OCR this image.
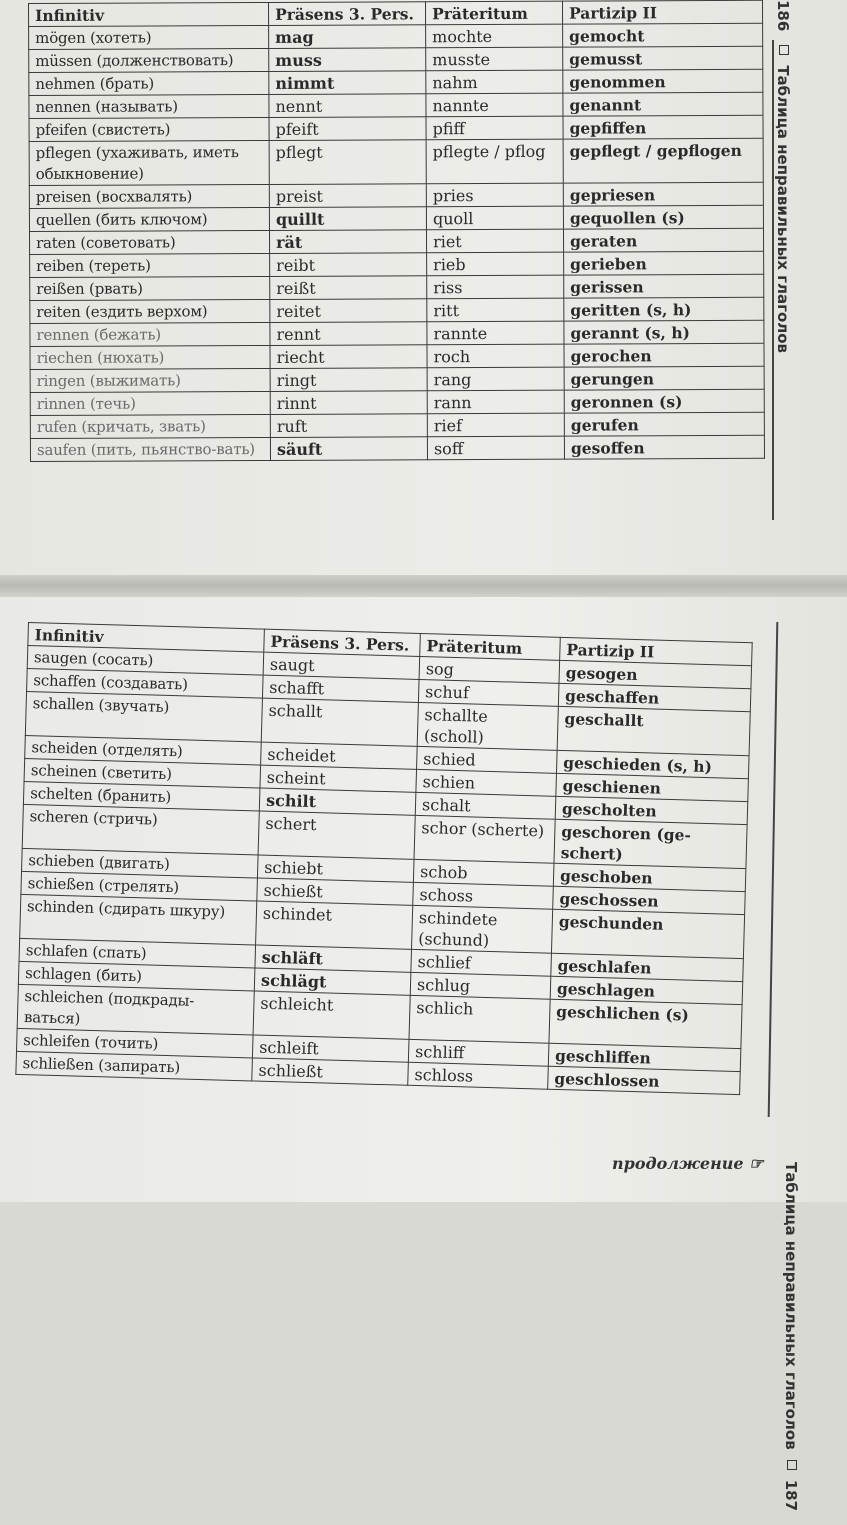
Infinitiv	Präsens 3. Pers.	Präteritum	Partizip II
mögen (хотеть)	mag	mochte	gemocht
müssen (долженствовать)	muss	musste	gemusst
nehmen (брать)	nimmt	nahm	genommen
nennen (называть)	nennt	nannte	genannt
pfeifen (свистеть)	pfeift	pfiff	gepfiffen
pflegen (ухаживать, иметь обыкновение)	pflegt	pflegte / pflog	gepflegt / gepflogen
preisen (восхвалять)	preist	pries	gepriesen
quellen (бить ключом)	quillt	quoll	gequollen (s)
raten (советовать)	rät	riet	geraten
reiben (тереть)	reibt	rieb	gerieben
reißen (рвать)	reißt	riss	gerissen
reiten (ездить верхом)	reitet	ritt	geritten (s, h)
rennen (бежать)	rennt	rannte	gerannt (s, h)
riechen (нюхать)	riecht	roch	gerochen
ringen (выжимать)	ringt	rang	gerungen
rinnen (течь)	rinnt	rann	geronnen (s)
rufen (кричать, звать)	ruft	rief	gerufen
saufen (пить, пьянство-вать)	säuft	soff	gesoffen
186Таблица неправильных глаголов
Infinitiv	Präsens 3. Pers.	Präteritum	Partizip II
saugen (сосать)	saugt	sog	gesogen
schaffen (создавать)	schafft	schuf	geschaffen
schallen (звучать)	schallt	schallte (scholl)	geschallt
scheiden (отделять)	scheidet	schied	geschieden (s, h)
scheinen (светить)	scheint	schien	geschienen
schelten (бранить)	schilt	schalt	gescholten
scheren (стричь)	schert	schor (scherte)	geschoren (ge-schert)
schieben (двигать)	schiebt	schob	geschoben
schießen (стрелять)	schießt	schoss	geschossen
schinden (сдирать шкуру)	schindet	schindete (schund)	geschunden
schlafen (спать)	schläft	schlief	geschlafen
schlagen (бить)	schlägt	schlug	geschlagen
schleichen (подкрады-ваться)	schleicht	schlich	geschlichen (s)
schleifen (точить)	schleift	schliff	geschliffen
schließen (запирать)	schließt	schloss	geschlossen
Таблица неправильных глаголов187
продолжение ☞
